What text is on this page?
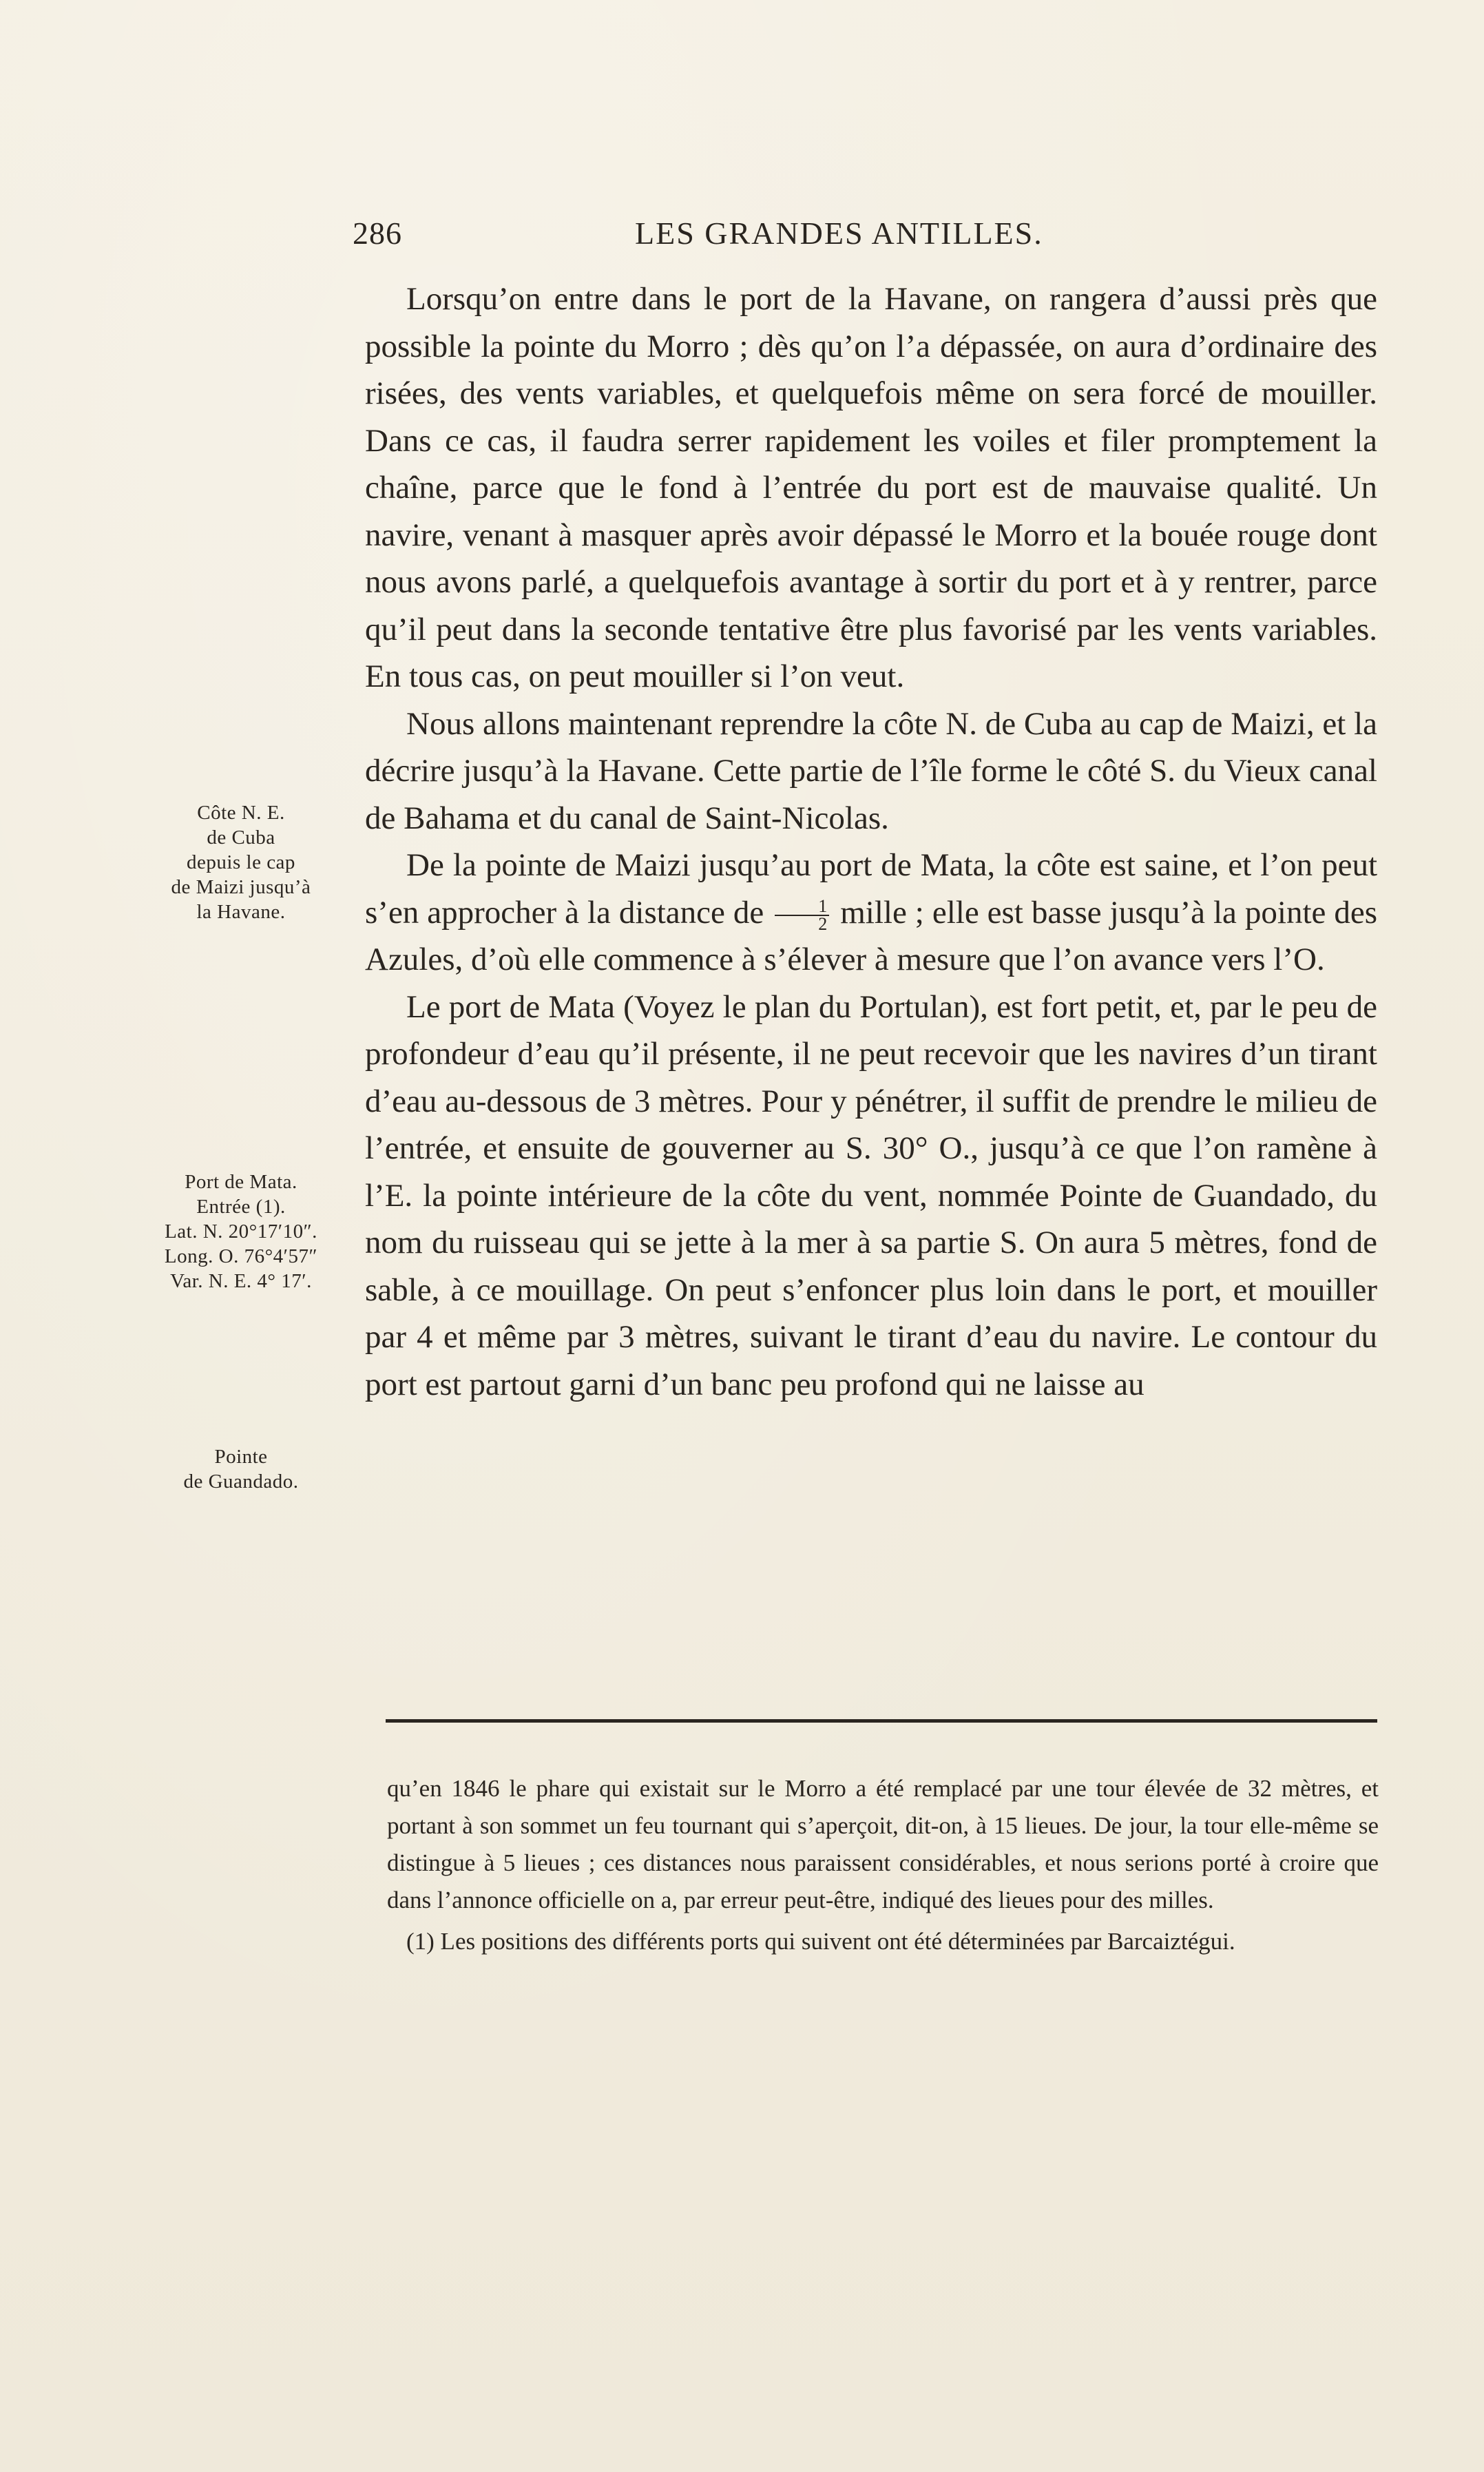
286	LES GRANDES ANTILLES.

Lorsqu’on entre dans le port de la Havane, on rangera d’aussi près que possible la pointe du Morro ; dès qu’on l’a dépassée, on aura d’ordinaire des risées, des vents variables, et quelquefois même on sera forcé de mouiller. Dans ce cas, il faudra serrer rapidement les voiles et filer promptement la chaîne, parce que le fond à l’entrée du port est de mauvaise qualité. Un navire, venant à masquer après avoir dépassé le Morro et la bouée rouge dont nous avons parlé, a quelquefois avantage à sortir du port et à y rentrer, parce qu’il peut dans la seconde tentative être plus favorisé par les vents variables. En tous cas, on peut mouiller si l’on veut.

Nous allons maintenant reprendre la côte N. de Cuba au cap de Maizi, et la décrire jusqu’à la Havane. Cette partie de l’île forme le côté S. du Vieux canal de Bahama et du canal de Saint-Nicolas.

De la pointe de Maizi jusqu’au port de Mata, la côte est saine, et l’on peut s’en approcher à la distance de $\frac{1}{2}$ mille ; elle est basse jusqu’à la pointe des Azules, d’où elle commence à s’élever à mesure que l’on avance vers l’O.

Le port de Mata (Voyez le plan du Portulan), est fort petit, et, par le peu de profondeur d’eau qu’il présente, il ne peut recevoir que les navires d’un tirant d’eau au-dessous de 3 mètres. Pour y pénétrer, il suffit de prendre le milieu de l’entrée, et ensuite de gouverner au S. 30° O., jusqu’à ce que l’on ramène à l’E. la pointe intérieure de la côte du vent, nommée Pointe de Guandado, du nom du ruisseau qui se jette à la mer à sa partie S. On aura 5 mètres, fond de sable, à ce mouillage. On peut s’enfoncer plus loin dans le port, et mouiller par 4 et même par 3 mètres, suivant le tirant d’eau du navire. Le contour du port est partout garni d’un banc peu profond qui ne laisse au

Côte N. E.
de Cuba
depuis le cap
de Maizi jusqu’à
la Havane.
Port de Mata.
Entrée (1).
Lat. N. 20°17′10″.
Long. O. 76°4′57″
Var. N. E. 4° 17′.
Pointe
de Guandado.

qu’en 1846 le phare qui existait sur le Morro a été remplacé par une tour élevée de 32 mètres, et portant à son sommet un feu tournant qui s’aperçoit, dit-on, à 15 lieues. De jour, la tour elle-même se distingue à 5 lieues ; ces distances nous paraissent considérables, et nous serions porté à croire que dans l’annonce officielle on a, par erreur peut-être, indiqué des lieues pour des milles.

(1) Les positions des différents ports qui suivent ont été déterminées par Barcaiztégui.
